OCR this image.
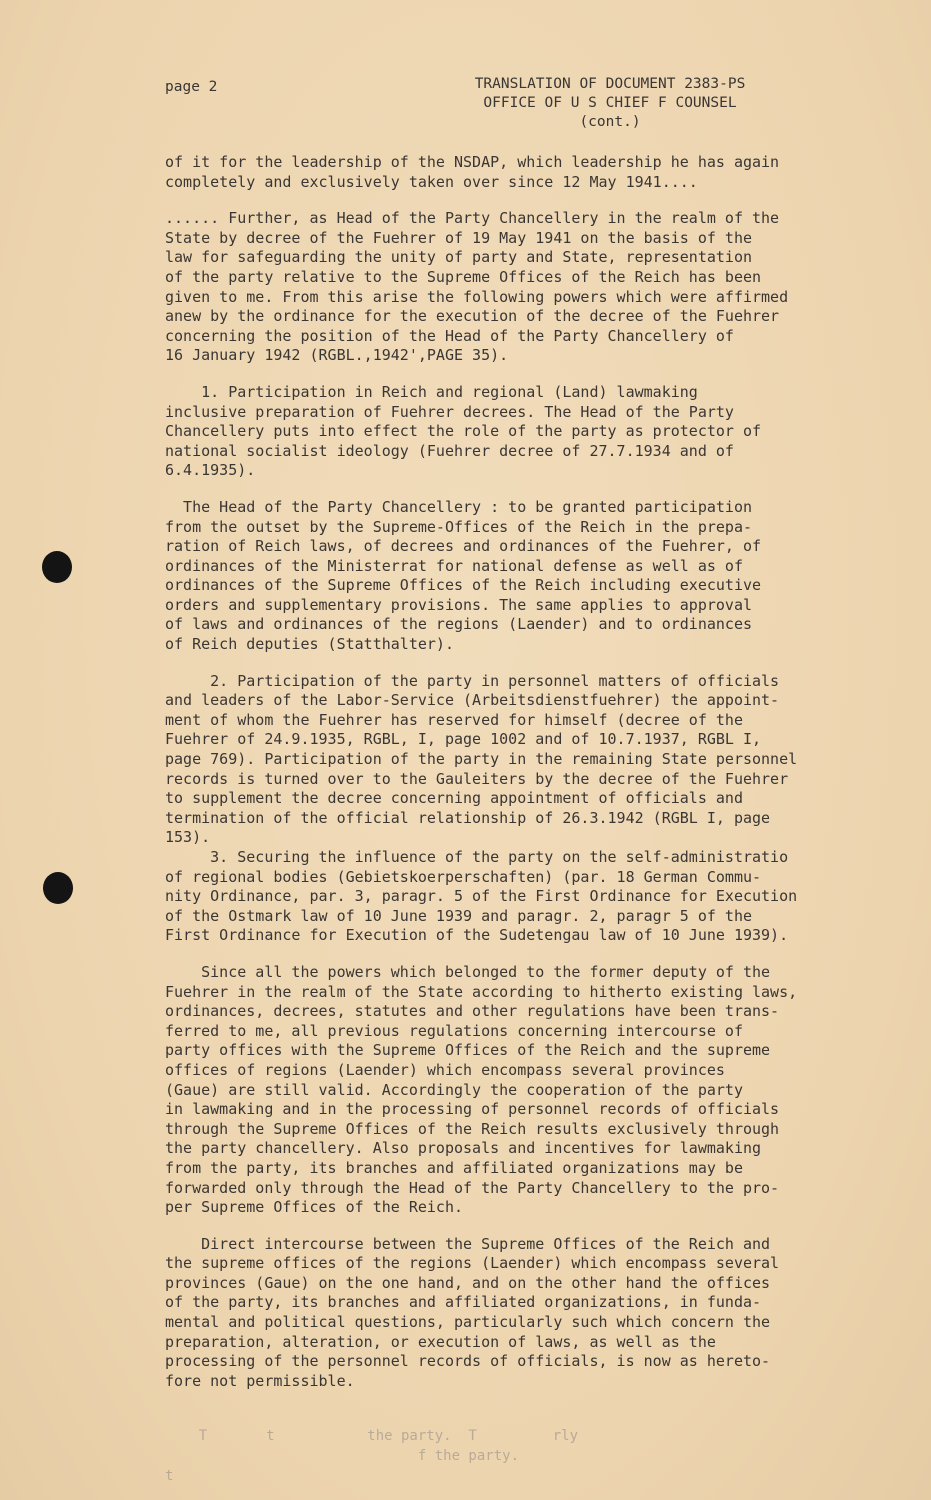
page 2	TRANSLATION OF DOCUMENT 2383-PS
OFFICE OF U S CHIEF F COUNSEL
(cont.)
of it for the leadership of the NSDAP, which leadership he has again
completely and exclusively taken over since 12 May 1941....
...... Further, as Head of the Party Chancellery in the realm of the
State by decree of the Fuehrer of 19 May 1941 on the basis of the
law for safeguarding the unity of party and State, representation
of the party relative to the Supreme Offices of the Reich has been
given to me. From this arise the following powers which were affirmed
anew by the ordinance for the execution of the decree of the Fuehrer
concerning the position of the Head of the Party Chancellery of
16 January 1942 (RGBL.,1942',PAGE 35).
1. Participation in Reich and regional (Land) lawmaking
inclusive preparation of Fuehrer decrees. The Head of the Party
Chancellery puts into effect the role of the party as protector of
national socialist ideology (Fuehrer decree of 27.7.1934 and of
6.4.1935).
The Head of the Party Chancellery : to be granted participation
from the outset by the Supreme-Offices of the Reich in the prepa-
ration of Reich laws, of decrees and ordinances of the Fuehrer, of
ordinances of the Ministerrat for national defense as well as of
ordinances of the Supreme Offices of the Reich including executive
orders and supplementary provisions. The same applies to approval
of laws and ordinances of the regions (Laender) and to ordinances
of Reich deputies (Statthalter).
2. Participation of the party in personnel matters of officials
and leaders of the Labor-Service (Arbeitsdienstfuehrer) the appoint-
ment of whom the Fuehrer has reserved for himself (decree of the
Fuehrer of 24.9.1935, RGBL, I, page 1002 and of 10.7.1937, RGBL I,
page 769). Participation of the party in the remaining State personnel
records is turned over to the Gauleiters by the decree of the Fuehrer
to supplement the decree concerning appointment of officials and
termination of the official relationship of 26.3.1942 (RGBL I, page
153).
3. Securing the influence of the party on the self-administratio
of regional bodies (Gebietskoerperschaften) (par. 18 German Commu-
nity Ordinance, par. 3, paragr. 5 of the First Ordinance for Execution
of the Ostmark law of 10 June 1939 and paragr. 2, paragr 5 of the
First Ordinance for Execution of the Sudetengau law of 10 June 1939).
Since all the powers which belonged to the former deputy of the
Fuehrer in the realm of the State according to hitherto existing laws,
ordinances, decrees, statutes and other regulations have been trans-
ferred to me, all previous regulations concerning intercourse of
party offices with the Supreme Offices of the Reich and the supreme
offices of regions (Laender) which encompass several provinces
(Gaue) are still valid. Accordingly the cooperation of the party
in lawmaking and in the processing of personnel records of officials
through the Supreme Offices of the Reich results exclusively through
the party chancellery. Also proposals and incentives for lawmaking
from the party, its branches and affiliated organizations may be
forwarded only through the Head of the Party Chancellery to the pro-
per Supreme Offices of the Reich.
Direct intercourse between the Supreme Offices of the Reich and
the supreme offices of the regions (Laender) which encompass several
provinces (Gaue) on the one hand, and on the other hand the offices
of the party, its branches and affiliated organizations, in funda-
mental and political questions, particularly such which concern the
preparation, alteration, or execution of laws, as well as the
processing of the personnel records of officials, is now as hereto-
fore not permissible.
T       t           the party.  T         rly
f the party.
t
